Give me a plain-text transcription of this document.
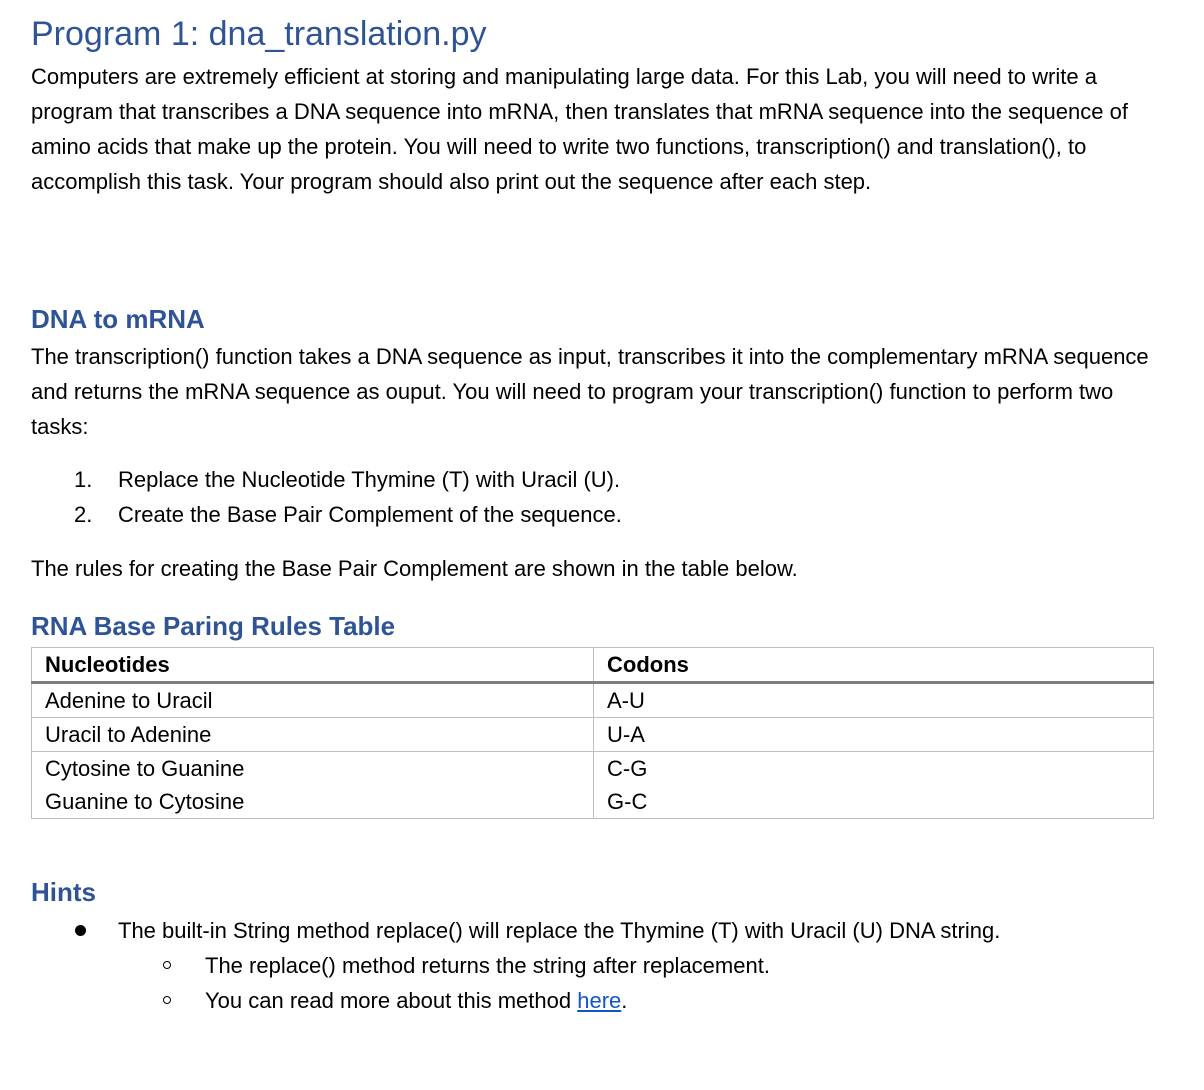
Program 1: dna_translation.py

Computers are extremely efficient at storing and manipulating large data. For this Lab, you will need to write a program that transcribes a DNA sequence into mRNA, then translates that mRNA sequence into the sequence of amino acids that make up the protein. You will need to write two functions, transcription() and translation(), to accomplish this task. Your program should also print out the sequence after each step.

DNA to mRNA

The transcription() function takes a DNA sequence as input, transcribes it into the complementary mRNA sequence and returns the mRNA sequence as ouput. You will need to program your transcription() function to perform two tasks:

1. Replace the Nucleotide Thymine (T) with Uracil (U).
2. Create the Base Pair Complement of the sequence.

The rules for creating the Base Pair Complement are shown in the table below.

RNA Base Paring Rules Table
Nucleotides	Codons
Adenine to Uracil	A-U
Uracil to Adenine	U-A
Cytosine to Guanine	C-G
Guanine to Cytosine	G-C
Hints
The built-in String method replace() will replace the Thymine (T) with Uracil (U) DNA string.
The replace() method returns the string after replacement.
You can read more about this method here.
